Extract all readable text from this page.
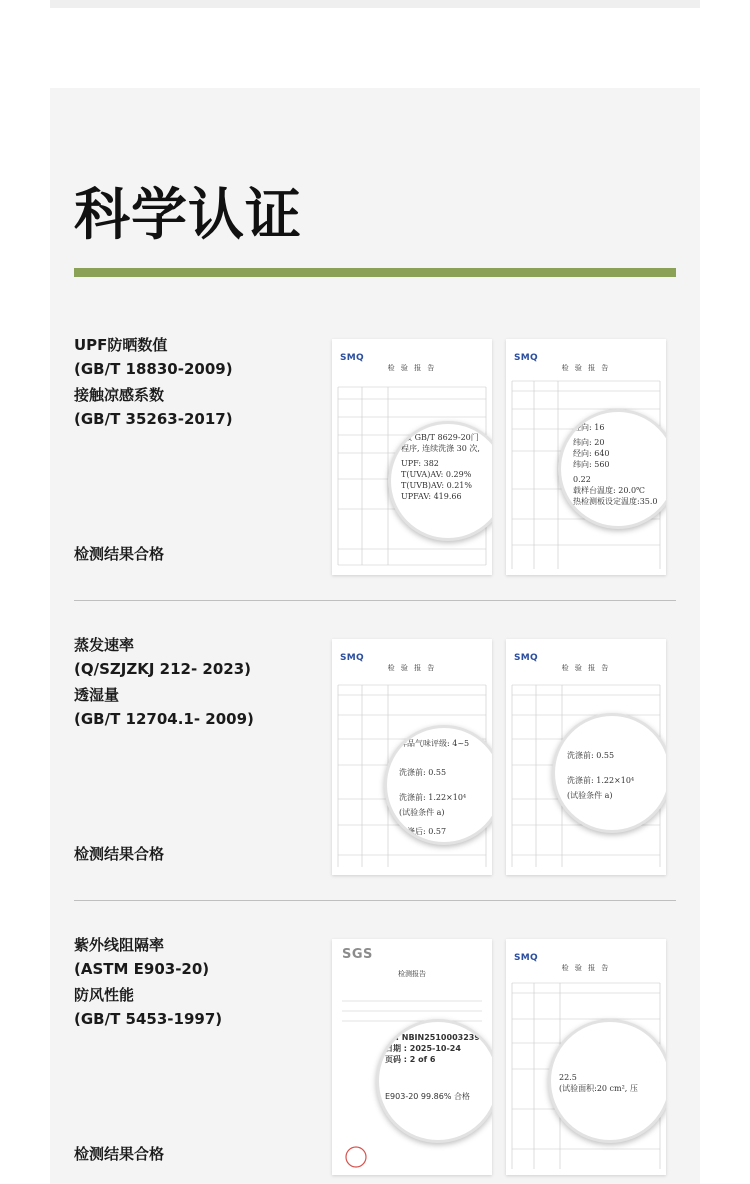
科学认证
UPF防晒数值
(GB/T 18830-2009)
接触凉感系数
(GB/T 35263-2017)
检测结果合格
SMQ
检 验 报 告
(按 GB/T 8629-20门
程序, 连续洗涤 30 次,
UPF: 382
T(UVA)AV: 0.29%
T(UVB)AV: 0.21%
UPFAV: 419.66
SMQ
检 验 报 告
经向: 16
纬向: 20
经向: 640
纬向: 560
0.22
载样台温度: 20.0℃
热检测板设定温度:35.0
蒸发速率
(Q/SZJZKJ 212- 2023)
透湿量
(GB/T 12704.1- 2009)
检测结果合格
SMQ
检 验 报 告
样品气味评级: 4~5
洗涤前: 0.55
洗涤前: 1.22×10⁴
(试验条件 a)
洗涤后: 0.57
SMQ
检 验 报 告
洗涤前: 0.55
洗涤前: 1.22×10⁴
(试验条件 a)
紫外线阻隔率
(ASTM E903-20)
防风性能
(GB/T 5453-1997)
检测结果合格
SGS
检测报告
号 : NBIN2510003239
日期 : 2025-10-24
页码 : 2 of 6
E903-20 99.86% 合格
SMQ
检 验 报 告
22.5
(试验面积:20 cm², 压
